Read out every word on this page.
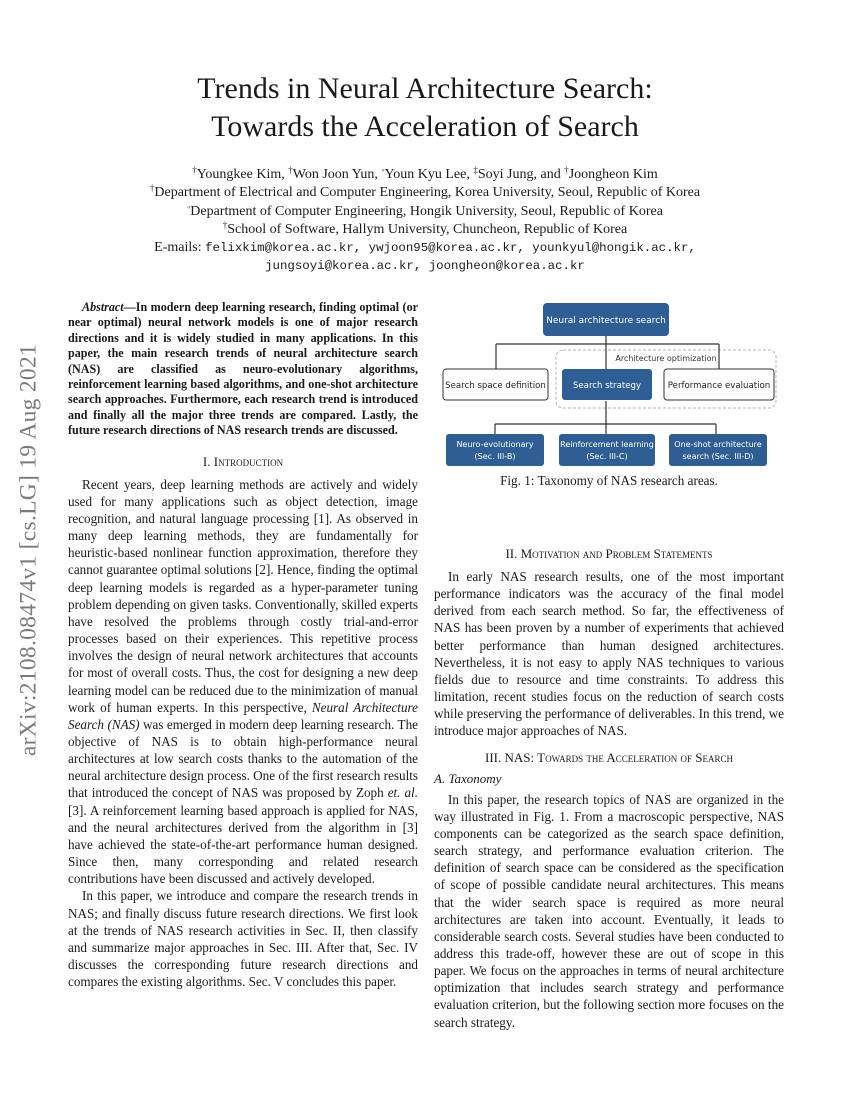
arXiv:2108.08474v1 [cs.LG] 19 Aug 2021
Trends in Neural Architecture Search:
Towards the Acceleration of Search
†Youngkee Kim, †Won Joon Yun, ◦Youn Kyu Lee, ‡Soyi Jung, and †Joongheon Kim
†Department of Electrical and Computer Engineering, Korea University, Seoul, Republic of Korea
◦Department of Computer Engineering, Hongik University, Seoul, Republic of Korea
†School of Software, Hallym University, Chuncheon, Republic of Korea
E-mails: felixkim@korea.ac.kr, ywjoon95@korea.ac.kr, younkyul@hongik.ac.kr,
jungsoyi@korea.ac.kr, joongheon@korea.ac.kr

Abstract—In modern deep learning research, finding optimal (or near optimal) neural network models is one of major research directions and it is widely studied in many applications. In this paper, the main research trends of neural architecture search (NAS) are classified as neuro-evolutionary algorithms, reinforcement learning based algorithms, and one-shot architecture search approaches. Furthermore, each research trend is introduced and finally all the major three trends are compared. Lastly, the future research directions of NAS research trends are discussed.

I. Introduction

Recent years, deep learning methods are actively and widely used for many applications such as object detection, image recognition, and natural language processing [1]. As observed in many deep learning methods, they are fundamentally for heuristic-based nonlinear function approximation, therefore they cannot guarantee optimal solutions [2]. Hence, finding the optimal deep learning models is regarded as a hyper-parameter tuning problem depending on given tasks. Conventionally, skilled experts have resolved the problems through costly trial-and-error processes based on their experiences. This repetitive process involves the design of neural network architectures that accounts for most of overall costs. Thus, the cost for designing a new deep learning model can be reduced due to the minimization of manual work of human experts. In this perspective, Neural Architecture Search (NAS) was emerged in modern deep learning research. The objective of NAS is to obtain high-performance neural architectures at low search costs thanks to the automation of the neural architecture design process. One of the first research results that introduced the concept of NAS was proposed by Zoph et. al. [3]. A reinforcement learning based approach is applied for NAS, and the neural architectures derived from the algorithm in [3] have achieved the state-of-the-art performance human designed. Since then, many corresponding and related research contributions have been discussed and actively developed.

In this paper, we introduce and compare the research trends in NAS; and finally discuss future research directions. We first look at the trends of NAS research activities in Sec. II, then classify and summarize major approaches in Sec. III. After that, Sec. IV discusses the corresponding future research directions and compares the existing algorithms. Sec. V concludes this paper.

Architecture optimization
Neural architecture search
Search space definition	Search strategy	Performance evaluation
Neuro-evolutionary
(Sec. III-B)
Reinforcement learning
(Sec. III-C)
One-shot architecture
search (Sec. III-D)
Fig. 1: Taxonomy of NAS research areas.
II. Motivation and Problem Statements

In early NAS research results, one of the most important performance indicators was the accuracy of the final model derived from each search method. So far, the effectiveness of NAS has been proven by a number of experiments that achieved better performance than human designed architectures. Nevertheless, it is not easy to apply NAS techniques to various fields due to resource and time constraints. To address this limitation, recent studies focus on the reduction of search costs while preserving the performance of deliverables. In this trend, we introduce major approaches of NAS.

III. NAS: Towards the Acceleration of Search
A. Taxonomy

In this paper, the research topics of NAS are organized in the way illustrated in Fig. 1. From a macroscopic perspective, NAS components can be categorized as the search space definition, search strategy, and performance evaluation criterion. The definition of search space can be considered as the specification of scope of possible candidate neural architectures. This means that the wider search space is required as more neural architectures are taken into account. Eventually, it leads to considerable search costs. Several studies have been conducted to address this trade-off, however these are out of scope in this paper. We focus on the approaches in terms of neural architecture optimization that includes search strategy and performance evaluation criterion, but the following section more focuses on the search strategy.
